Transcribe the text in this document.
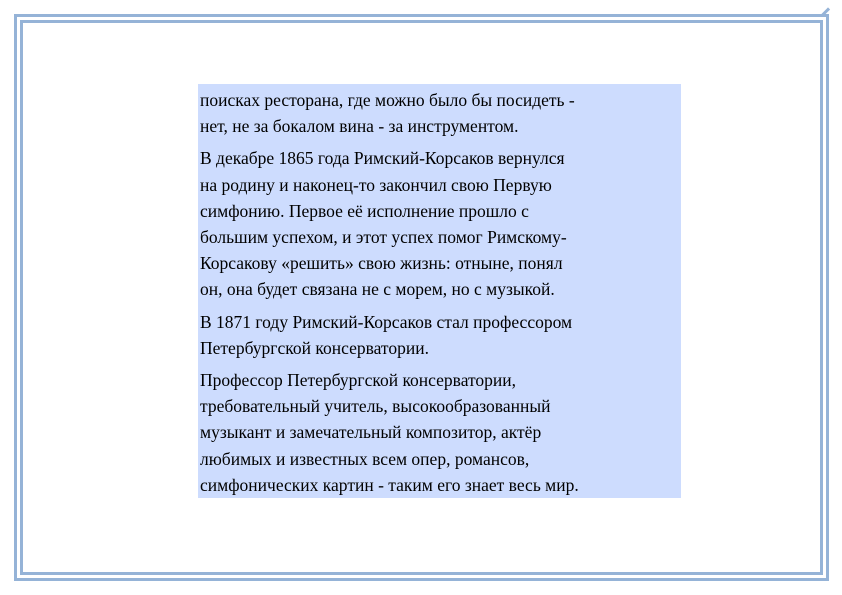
поисках ресторана, где можно было бы посидеть -
нет, не за бокалом вина - за инструментом.

В декабре 1865 года Римский-Корсаков вернулся
на родину и наконец-то закончил свою Первую
симфонию. Первое её исполнение прошло с
большим успехом, и этот успех помог Римскому-
Корсакову «решить» свою жизнь: отныне, понял
он, она будет связана не с морем, но с музыкой.

В 1871 году Римский-Корсаков стал профессором
Петербургской консерватории.

Профессор Петербургской консерватории,
требовательный учитель, высокообразованный
музыкант и замечательный композитор, актёр
любимых и известных всем опер, романсов,
симфонических картин - таким его знает весь мир.
